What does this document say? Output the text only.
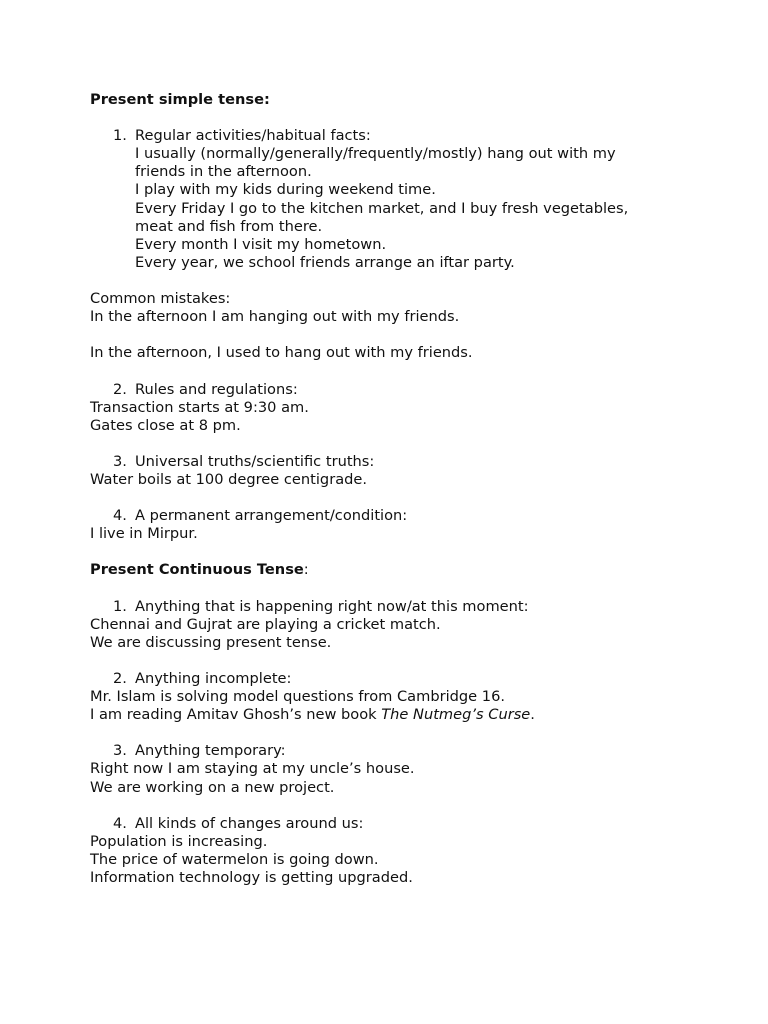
Present simple tense:
1. Regular activities/habitual facts:
I usually (normally/generally/frequently/mostly) hang out with my
friends in the afternoon.
I play with my kids during weekend time.
Every Friday I go to the kitchen market, and I buy fresh vegetables,
meat and fish from there.
Every month I visit my hometown.
Every year, we school friends arrange an iftar party.
Common mistakes:
In the afternoon I am hanging out with my friends.
In the afternoon, I used to hang out with my friends.
2. Rules and regulations:
Transaction starts at 9:30 am.
Gates close at 8 pm.
3. Universal truths/scientific truths:
Water boils at 100 degree centigrade.
4. A permanent arrangement/condition:
I live in Mirpur.
Present Continuous Tense:
1. Anything that is happening right now/at this moment:
Chennai and Gujrat are playing a cricket match.
We are discussing present tense.
2. Anything incomplete:
Mr. Islam is solving model questions from Cambridge 16.
I am reading Amitav Ghosh’s new book The Nutmeg’s Curse.
3. Anything temporary:
Right now I am staying at my uncle’s house.
We are working on a new project.
4. All kinds of changes around us:
Population is increasing.
The price of watermelon is going down.
Information technology is getting upgraded.
